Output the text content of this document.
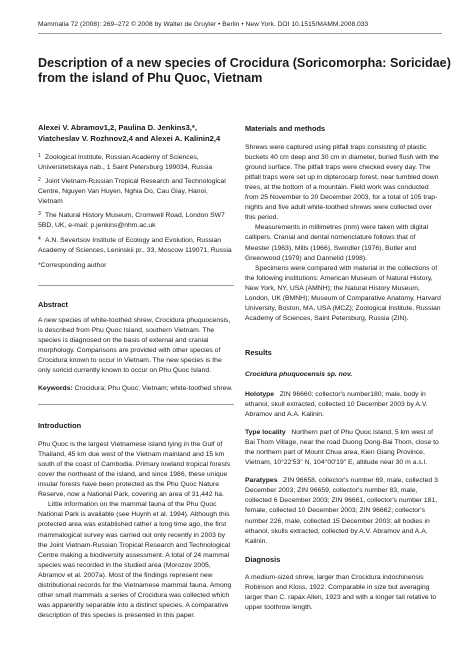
Mammalia 72 (2008): 269–272 © 2008 by Walter de Gruyter • Berlin • New York. DOI 10.1515/MAMM.2008.033
Description of a new species of Crocidura (Soricomorpha: Soricidae) from the island of Phu Quoc, Vietnam

Alexei V. Abramov1,2, Paulina D. Jenkins3,*, Viatcheslav V. Rozhnov2,4 and Alexei A. Kalinin2,4

1 Zoological Institute, Russian Academy of Sciences, Universitetskaya nab., 1 Saint Petersburg 199034, Russia

2 Joint Vietnam-Russian Tropical Research and Technological Centre, Nguyen Van Huyen, Nghia Do, Cau Giay, Hanoi, Vietnam

3 The Natural History Museum, Cromwell Road, London SW7 5BD, UK, e-mail: p.jenkins@nhm.ac.uk

4 A.N. Severtsov Institute of Ecology and Evolution, Russian Academy of Sciences, Leninskii pr., 33, Moscow 119071, Russia

*Corresponding author

Abstract

A new species of white-toothed shrew, Crocidura phuquocensis, is described from Phu Quoc Island, southern Vietnam. The species is diagnosed on the basis of external and cranial morphology. Comparisons are provided with other species of Crocidura known to occur in Vietnam. The new species is the only soricid currently known to occur on Phu Quoc Island.

Keywords: Crocidura; Phu Quoc; Vietnam; white-toothed shrew.

Introduction

Phu Quoc is the largest Vietnamese island lying in the Gulf of Thailand, 45 km due west of the Vietnam mainland and 15 km south of the coast of Cambodia. Primary lowland tropical forests cover the northeast of the island, and since 1986, these unique insular forests have been protected as the Phu Quoc Nature Reserve, now a National Park, covering an area of 31,442 ha.

Little information on the mammal fauna of the Phu Quoc National Park is available (see Huynh et al. 1994). Although this protected area was established rather a long time ago, the first mammalogical survey was carried out only recently in 2003 by the Joint Vietnam-Russian Tropical Research and Technological Centre making a biodiversity assessment. A total of 24 mammal species was recorded in the studied area (Morozov 2005, Abramov et al. 2007a). Most of the findings represent new distributional records for the Vietnamese mammal fauna. Among other small mammals a series of Crocidura was collected which was apparently separable into a distinct species. A comparative description of this species is presented in this paper.

Materials and methods

Shrews were captured using pitfall traps consisting of plastic buckets 40 cm deep and 30 cm in diameter, buried flush with the ground surface. The pitfall traps were checked every day. The pitfall traps were set up in dipterocarp forest, near tumbled down trees, at the bottom of a mountain. Field work was conducted from 25 November to 20 December 2003, for a total of 105 trap-nights and five adult white-toothed shrews were collected over this period.

Measurements in millimetres (mm) were taken with digital callipers. Cranial and dental nomenclature follows that of Meester (1963), Mills (1966), Swindler (1976), Butler and Greenwood (1979) and Dannelid (1998).

Specimens were compared with material in the collections of the following institutions: American Museum of Natural History, New York, NY, USA (AMNH); the Natural History Museum, London, UK (BMNH); Museum of Comparative Anatomy, Harvard University, Boston, MA, USA (MCZ); Zoological Institute, Russian Academy of Sciences, Saint Petersburg, Russia (ZIN).

Results

Crocidura phuquocensis sp. nov.

Holotype ZIN 96660; collector's number180; male, body in ethanol, skull extracted, collected 10 December 2003 by A.V. Abramov and A.A. Kalinin.

Type locality Northern part of Phu Quoc Island, 5 km west of Bai Thom Village, near the road Duong Dong-Bai Thom, close to the northern part of Mount Chua area, Kien Giang Province, Vietnam, 10°22'53" N, 104°00'19" E, altitude near 30 m a.s.l.

Paratypes ZIN 96658, collector's number 69, male, collected 3 December 2003; ZIN 96659, collector's number 83, male, collected 6 December 2003; ZIN 96661, collector's number 181, female, collected 10 December 2003; ZIN 96662; collector's number 226, male, collected 15 December 2003; all bodies in ethanol, skulls extracted, collected by A.V. Abramov and A.A. Kalinin.

Diagnosis

A medium-sized shrew, larger than Crocidura indochinensis Robinson and Kloss, 1922. Comparable in size but averaging larger than C. rapax Allen, 1923 and with a longer tail relative to upper toothrow length.
